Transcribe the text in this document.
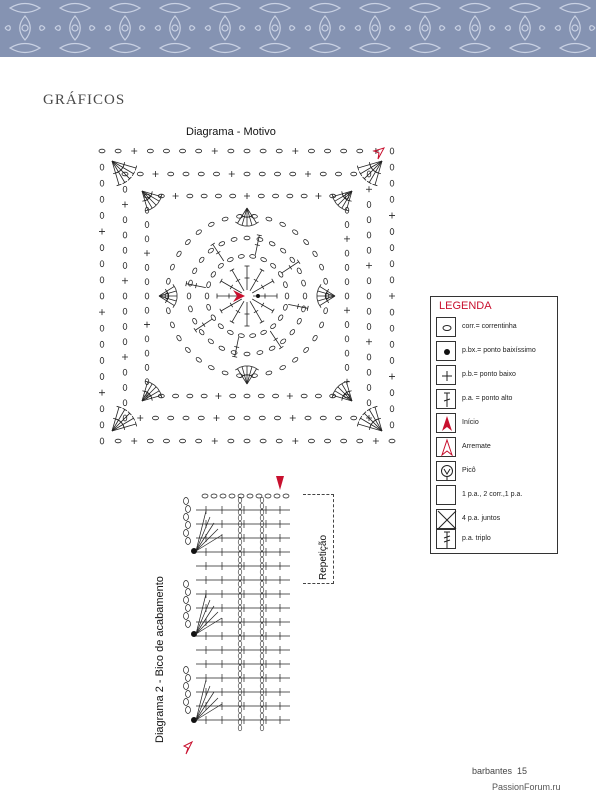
GRÁFICOS
Diagrama - Motivo
LEGENDA
corr.= correntinha
p.bx.= ponto baixíssimo
p.b.= ponto baixo
p.a. = ponto alto
Início
Arremate
Picô
1 p.a., 2 corr.,1 p.a.
4 p.a. juntos
p.a. triplo
Repetição
Diagrama 2 - Bico de acabamento
barbantes 15
PassionForum.ru
